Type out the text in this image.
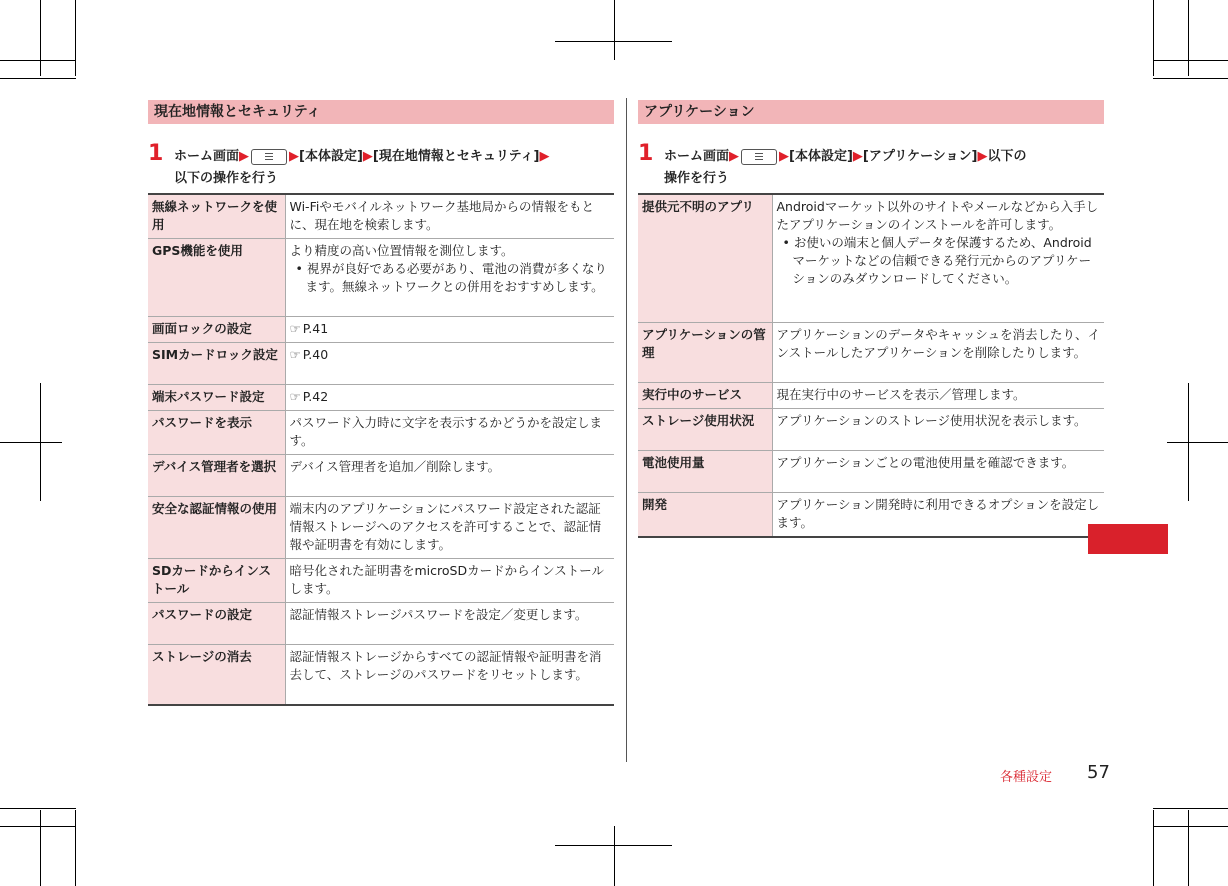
現在地情報とセキュリティ
1 ホーム画面▶	▶[本体設定]▶[現在地情報とセキュリティ]▶
以下の操作を行う
無線ネットワークを使用	Wi-Fiやモバイルネットワーク基地局からの情報をもとに、現在地を検索します。
GPS機能を使用	より精度の高い位置情報を測位します。
• 視界が良好である必要があり、電池の消費が多くなります。無線ネットワークとの併用をおすすめします。

画面ロックの設定	☞ P.41
SIMカードロック設定	☞ P.40
端末パスワード設定	☞ P.42
パスワードを表示	パスワード入力時に文字を表示するかどうかを設定します。
デバイス管理者を選択	デバイス管理者を追加／削除します。
安全な認証情報の使用	端末内のアプリケーションにパスワード設定された認証情報ストレージへのアクセスを許可することで、認証情報や証明書を有効にします。
SDカードからインストール	暗号化された証明書をmicroSDカードからインストールします。
パスワードの設定	認証情報ストレージパスワードを設定／変更します。
ストレージの消去	認証情報ストレージからすべての認証情報や証明書を消去して、ストレージのパスワードをリセットします。
アプリケーション
1 ホーム画面▶	▶[本体設定]▶[アプリケーション]▶以下の
操作を行う
提供元不明のアプリ	Androidマーケット以外のサイトやメールなどから入手したアプリケーションのインストールを許可します。
• お使いの端末と個人データを保護するため、Androidマーケットなどの信頼できる発行元からのアプリケーションのみダウンロードしてください。

アプリケーションの管理	アプリケーションのデータやキャッシュを消去したり、インストールしたアプリケーションを削除したりします。
実行中のサービス	現在実行中のサービスを表示／管理します。
ストレージ使用状況	アプリケーションのストレージ使用状況を表示します。
電池使用量	アプリケーションごとの電池使用量を確認できます。
開発	アプリケーション開発時に利用できるオプションを設定します。
各種設定 57
